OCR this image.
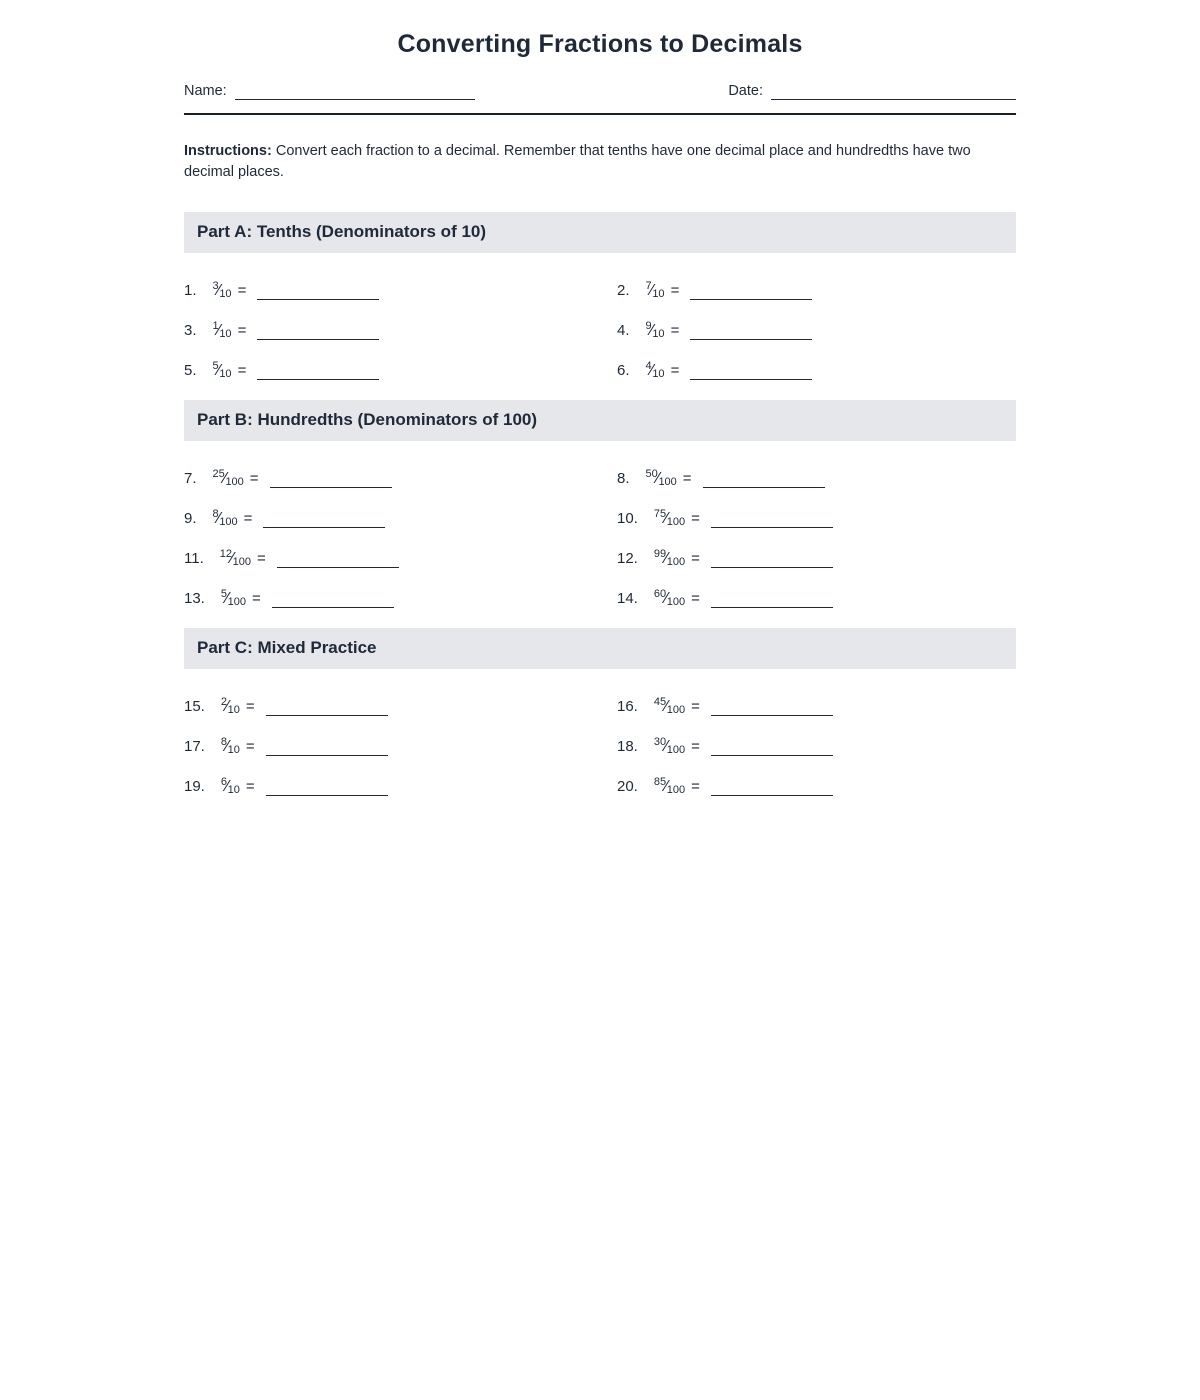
Converting Fractions to Decimals
Name:	Date:

Instructions: Convert each fraction to a decimal. Remember that tenths have one decimal place and hundredths have two decimal places.

Part A: Tenths (Denominators of 10)
1. $^3$⁄10 =	2. $^7$⁄10 =
3. $^1$⁄10 =	4. $^9$⁄10 =
5. $^5$⁄10 =	6. $^4$⁄10 =
Part B: Hundredths (Denominators of 100)
7. $^{25}$⁄100 =	8. $^{50}$⁄100 =
9. $^8$⁄100 =	10. $^{75}$⁄100 =
11. $^{12}$⁄100 =	12. $^{99}$⁄100 =
13. $^5$⁄100 =	14. $^{60}$⁄100 =
Part C: Mixed Practice
15. $^2$⁄10 =	16. $^{45}$⁄100 =
17. $^8$⁄10 =	18. $^{30}$⁄100 =
19. $^6$⁄10 =	20. $^{85}$⁄100 =
